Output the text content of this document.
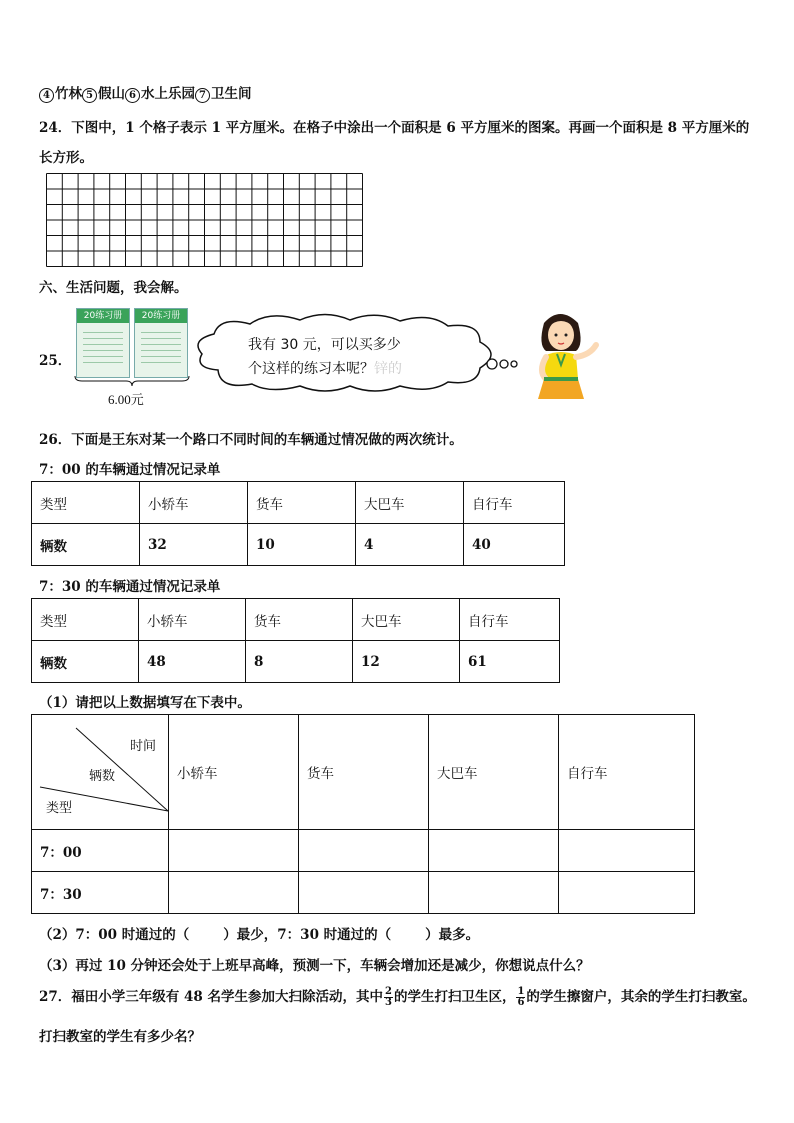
4 竹林 5 假山 6 水上乐园 7 卫生间
24．下图中，1 个格子表示 1 平方厘米。在格子中涂出一个面积是 6 平方厘米的图案。再画一个面积是 8 平方厘米的
长方形。
六、生活问题，我会解。
25．
20练习册	20练习册
6.00元
我有 30 元，可以买多少
个这样的练习本呢？锌的
26．下面是王东对某一个路口不同时间的车辆通过情况做的两次统计。
7：00 的车辆通过情况记录单
类型	小轿车	货车	大巴车	自行车
辆数	32	10	4	40
7：30 的车辆通过情况记录单
类型	小轿车	货车	大巴车	自行车
辆数	48	8	12	61
（1）请把以上数据填写在下表中。
时间
辆数
类型	小轿车	货车	大巴车	自行车
7：00				
7：30				
（2）7：00 时通过的（	）最少，7：30 时通过的（	）最多。
（3）再过 10 分钟还会处于上班早高峰，预测一下，车辆会增加还是减少，你想说点什么？
27．福田小学三年级有 48 名学生参加大扫除活动，其中 $\frac{2}{3}$ 的学生打扫卫生区， $\frac{1}{6}$ 的学生擦窗户，其余的学生打扫教室。
打扫教室的学生有多少名？
